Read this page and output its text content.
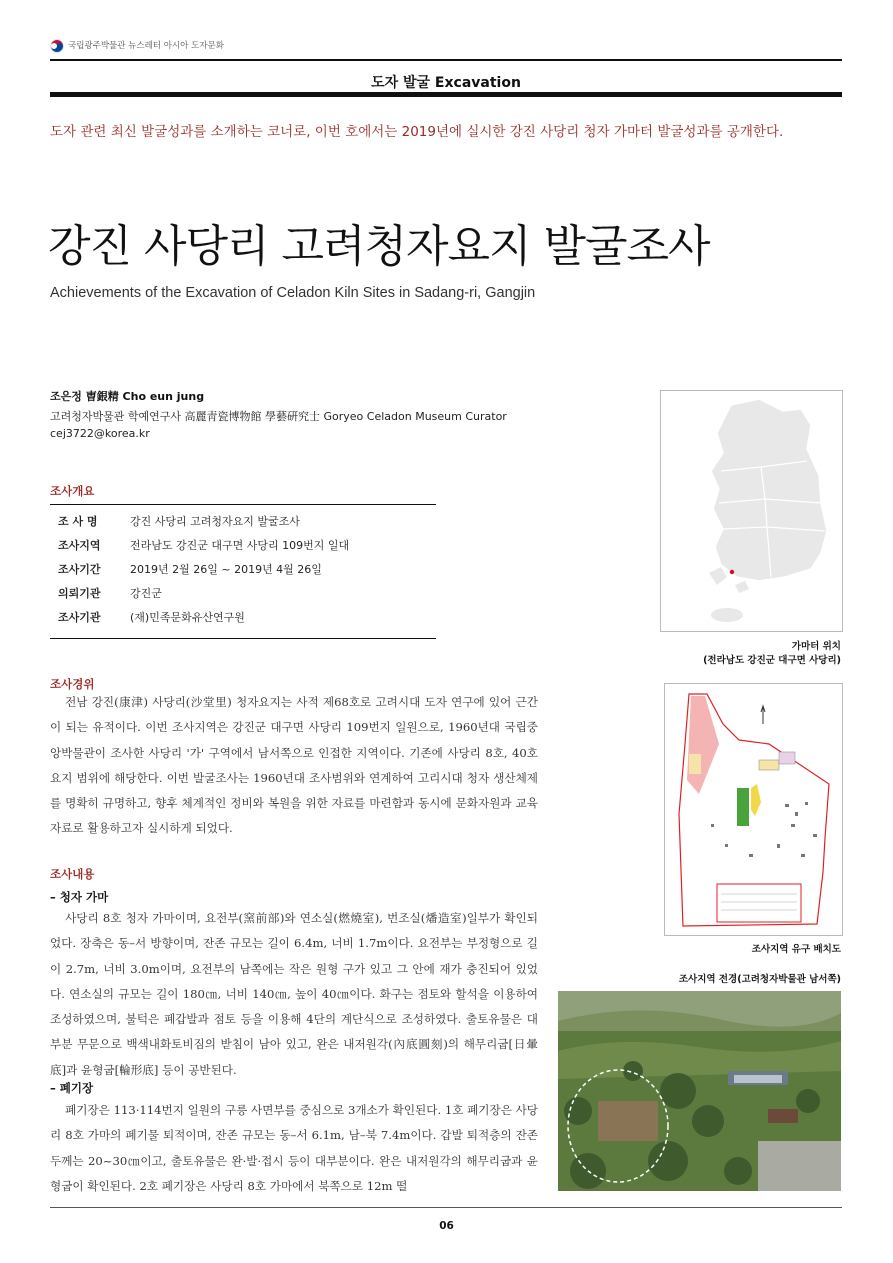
국립광주박물관 뉴스레터 아시아 도자문화
도자 발굴 Excavation
도자 관련 최신 발굴성과를 소개하는 코너로, 이번 호에서는 2019년에 실시한 강진 사당리 청자 가마터 발굴성과를 공개한다.
강진 사당리 고려청자요지 발굴조사
Achievements of the Excavation of Celadon Kiln Sites in Sadang-ri, Gangjin
조은정 曺銀精 Cho eun jung
고려청자박물관 학예연구사 高麗靑瓷博物館 學藝硏究士 Goryeo Celadon Museum Curator
cej3722@korea.kr
조사개요
조 사 명	강진 사당리 고려청자요지 발굴조사
조사지역	전라남도 강진군 대구면 사당리 109번지 일대
조사기간	2019년 2월 26일 ~ 2019년 4월 26일
의뢰기관	강진군
조사기관	(재)민족문화유산연구원
조사경위

전남 강진(康津) 사당리(沙堂里) 청자요지는 사적 제68호로 고려시대 도자 연구에 있어 근간이 되는 유적이다. 이번 조사지역은 강진군 대구면 사당리 109번지 일원으로, 1960년대 국립중앙박물관이 조사한 사당리 '가' 구역에서 남서쪽으로 인접한 지역이다. 기존에 사당리 8호, 40호 요지 범위에 해당한다. 이번 발굴조사는 1960년대 조사범위와 연계하여 고리시대 청자 생산체제를 명확히 규명하고, 향후 체계적인 정비와 복원을 위한 자료를 마련함과 동시에 문화자원과 교육자료로 활용하고자 실시하게 되었다.

조사내용
– 청자 가마

사당리 8호 청자 가마이며, 요전부(窯前部)와 연소실(燃燒室), 번조실(燔造室)일부가 확인되었다. 장축은 동–서 방향이며, 잔존 규모는 길이 6.4m, 너비 1.7m이다. 요전부는 부정형으로 길이 2.7m, 너비 3.0m이며, 요전부의 남쪽에는 작은 원형 구가 있고 그 안에 재가 충진되어 있었다. 연소실의 규모는 길이 180㎝, 너비 140㎝, 높이 40㎝이다. 화구는 점토와 할석을 이용하여 조성하였으며, 불턱은 폐갑발과 점토 등을 이용해 4단의 계단식으로 조성하였다. 출토유물은 대부분 무문으로 백색내화토비짐의 받침이 남아 있고, 완은 내저원각(內底圓刻)의 해무리굽[日暈底]과 윤형굽[輪形底] 등이 공반된다.

– 폐기장

폐기장은 113·114번지 일원의 구릉 사면부를 중심으로 3개소가 확인된다. 1호 폐기장은 사당리 8호 가마의 폐기물 퇴적이며, 잔존 규모는 동–서 6.1m, 남–북 7.4m이다. 갑발 퇴적층의 잔존 두께는 20~30㎝이고, 출토유물은 완·발·접시 등이 대부분이다. 완은 내저원각의 해무리굽과 윤형굽이 확인된다. 2호 폐기장은 사당리 8호 가마에서 북쪽으로 12m 떨

가마터 위치
(전라남도 강진군 대구면 사당리)
조사지역 유구 배치도
조사지역 전경(고려청자박물관 남서쪽)
06
